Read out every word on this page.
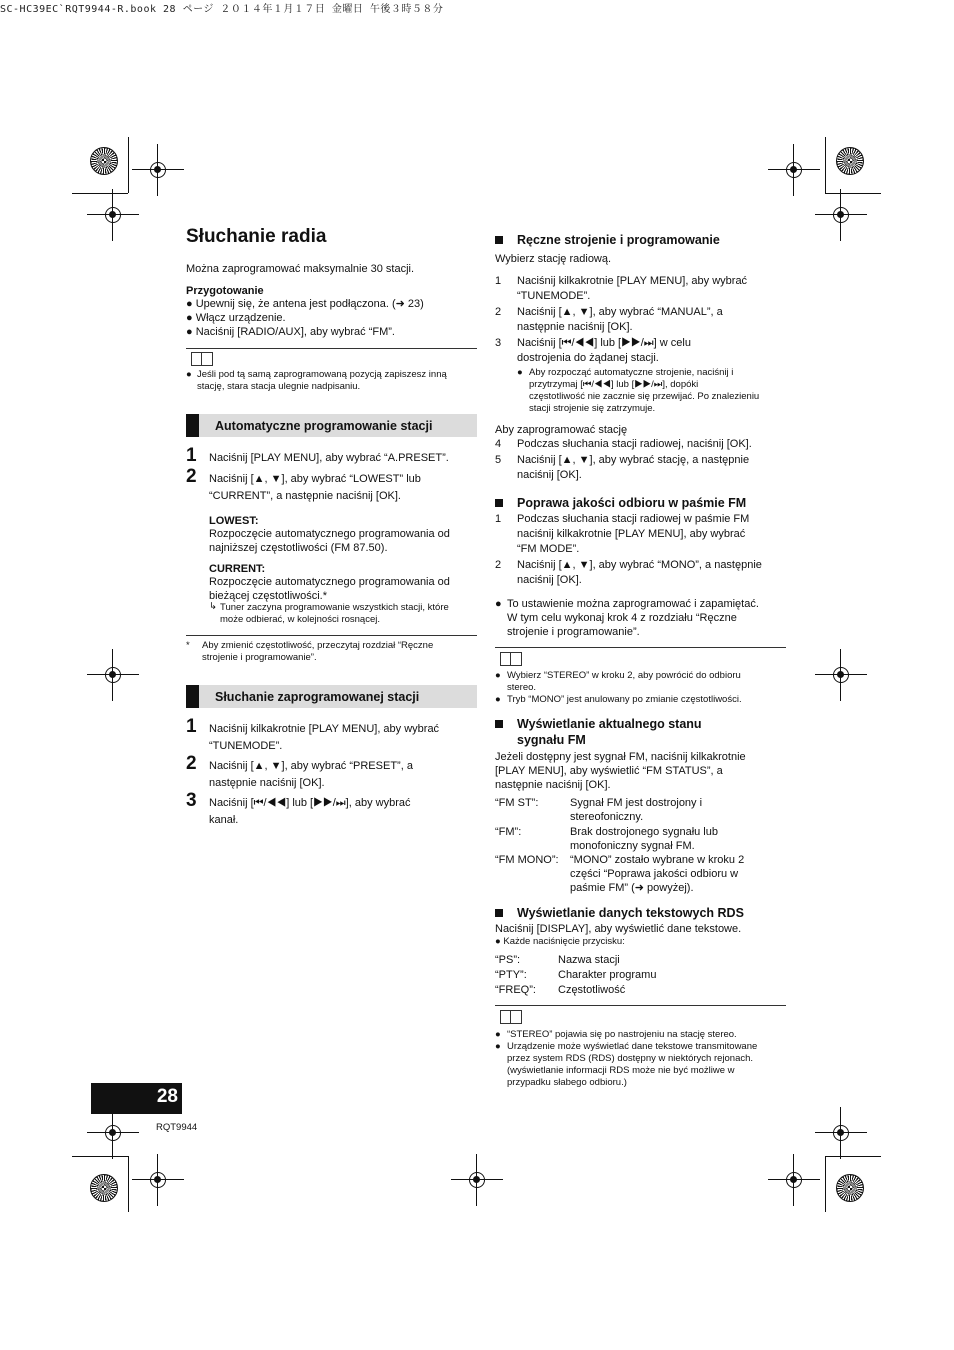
SC-HC39EC`RQT9944-R.book 28 ページ ２０１４年１月１７日 金曜日 午後３時５８分
Słuchanie radia
Można zaprogramować maksymalnie 30 stacji.
Przygotowanie
● Upewnij się, że antena jest podłączona. (➜ 23)
● Włącz urządzenie.
● Naciśnij [RADIO/AUX], aby wybrać “FM”.
● Jeśli pod tą samą zaprogramowaną pozycją zapiszesz inną
stację, stara stacja ulegnie nadpisaniu.
Automatyczne programowanie stacji
1 Naciśnij [PLAY MENU], aby wybrać “A.PRESET”.
2 Naciśnij [▲, ▼], aby wybrać “LOWEST” lub
“CURRENT”, a następnie naciśnij [OK].
LOWEST:
Rozpoczęcie automatycznego programowania od
najniższej częstotliwości (FM 87.50).
CURRENT:
Rozpoczęcie automatycznego programowania od
bieżącej częstotliwości.*
↳ Tuner zaczyna programowanie wszystkich stacji, które
może odbierać, w kolejności rosnącej.
* Aby zmienić częstotliwość, przeczytaj rozdział “Ręczne
strojenie i programowanie”.
Słuchanie zaprogramowanej stacji
1 Naciśnij kilkakrotnie [PLAY MENU], aby wybrać
“TUNEMODE”.
2 Naciśnij [▲, ▼], aby wybrać “PRESET”, a
następnie naciśnij [OK].
3 Naciśnij [⏮/◀◀] lub [▶▶/⏭], aby wybrać
kanał.
28
RQT9944
Ręczne strojenie i programowanie
Wybierz stację radiową.
1 Naciśnij kilkakrotnie [PLAY MENU], aby wybrać
“TUNEMODE”.
2 Naciśnij [▲, ▼], aby wybrać “MANUAL”, a
następnie naciśnij [OK].
3 Naciśnij [⏮/◀◀] lub [▶▶/⏭] w celu
dostrojenia do żądanej stacji.
● Aby rozpocząć automatyczne strojenie, naciśnij i
przytrzymaj [⏮/◀◀] lub [▶▶/⏭], dopóki
częstotliwość nie zacznie się przewijać. Po znalezieniu
stacji strojenie się zatrzymuje.
Aby zaprogramować stację
4 Podczas słuchania stacji radiowej, naciśnij [OK].
5 Naciśnij [▲, ▼], aby wybrać stację, a następnie
naciśnij [OK].
Poprawa jakości odbioru w paśmie FM
1 Podczas słuchania stacji radiowej w paśmie FM
naciśnij kilkakrotnie [PLAY MENU], aby wybrać
“FM MODE”.
2 Naciśnij [▲, ▼], aby wybrać “MONO”, a następnie
naciśnij [OK].
● To ustawienie można zaprogramować i zapamiętać.
W tym celu wykonaj krok 4 z rozdziału “Ręczne
strojenie i programowanie”.
● Wybierz “STEREO” w kroku 2, aby powrócić do odbioru
stereo.
● Tryb “MONO” jest anulowany po zmianie częstotliwości.
Wyświetlanie aktualnego stanu
sygnału FM
Jeżeli dostępny jest sygnał FM, naciśnij kilkakrotnie
[PLAY MENU], aby wyświetlić “FM STATUS”, a
następnie naciśnij [OK].
“FM ST”:	Sygnał FM jest dostrojony i
stereofoniczny.
“FM”:	Brak dostrojonego sygnału lub
monofoniczny sygnał FM.
“FM MONO”: “MONO” zostało wybrane w kroku 2
części “Poprawa jakości odbioru w
paśmie FM” (➜ powyżej).
Wyświetlanie danych tekstowych RDS
Naciśnij [DISPLAY], aby wyświetlić dane tekstowe.
● Każde naciśnięcie przycisku:
“PS”:	Nazwa stacji
“PTY”:	Charakter programu
“FREQ”: Częstotliwość
● “STEREO” pojawia się po nastrojeniu na stację stereo.
● Urządzenie może wyświetlać dane tekstowe transmitowane
przez system RDS (RDS) dostępny w niektórych rejonach.
(wyświetlanie informacji RDS może nie być możliwe w
przypadku słabego odbioru.)
